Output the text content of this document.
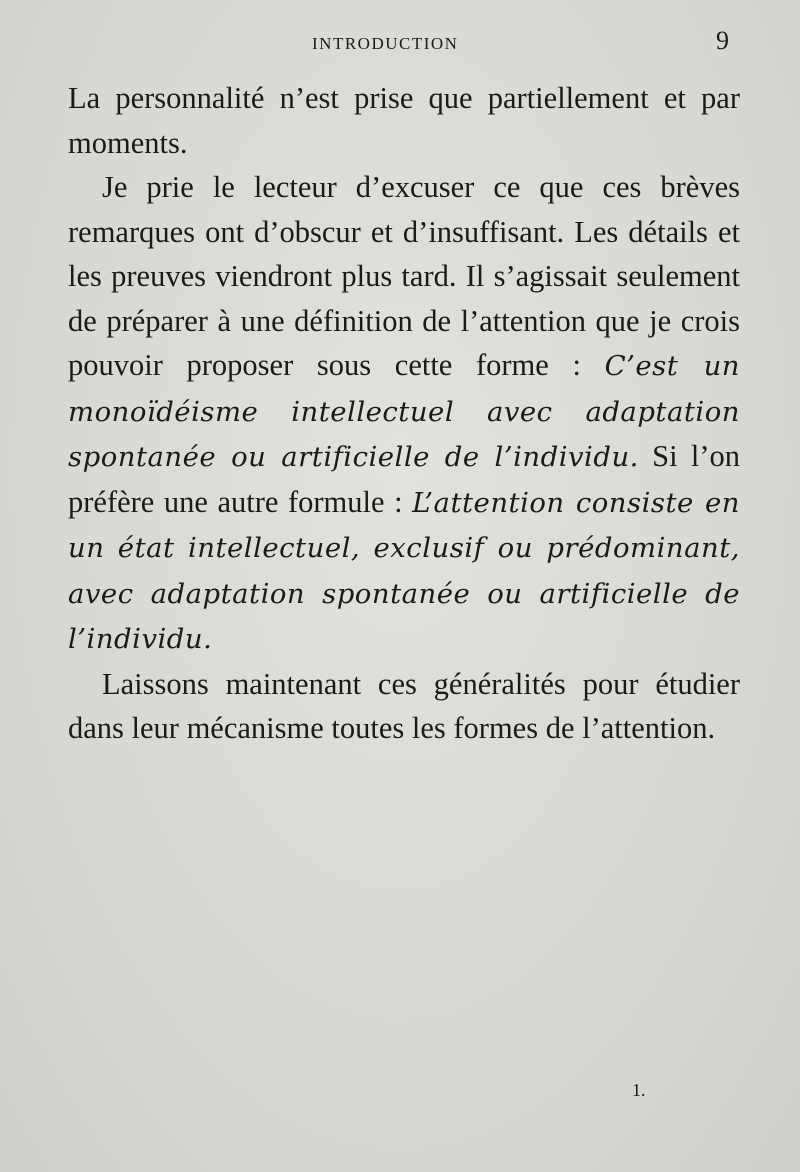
INTRODUCTION	9

La personnalité n’est prise que partiellement et par moments.

Je prie le lecteur d’excuser ce que ces brèves remarques ont d’obscur et d’insuffisant. Les détails et les preuves viendront plus tard. Il s’agissait seulement de préparer à une définition de l’attention que je crois pouvoir proposer sous cette forme : C’est un monoïdéisme intellectuel avec adaptation spontanée ou artificielle de l’individu. Si l’on préfère une autre formule : L’attention consiste en un état intellectuel, exclusif ou prédominant, avec adaptation spontanée ou artificielle de l’individu.

Laissons maintenant ces généralités pour étudier dans leur mécanisme toutes les formes de l’attention.

1.
